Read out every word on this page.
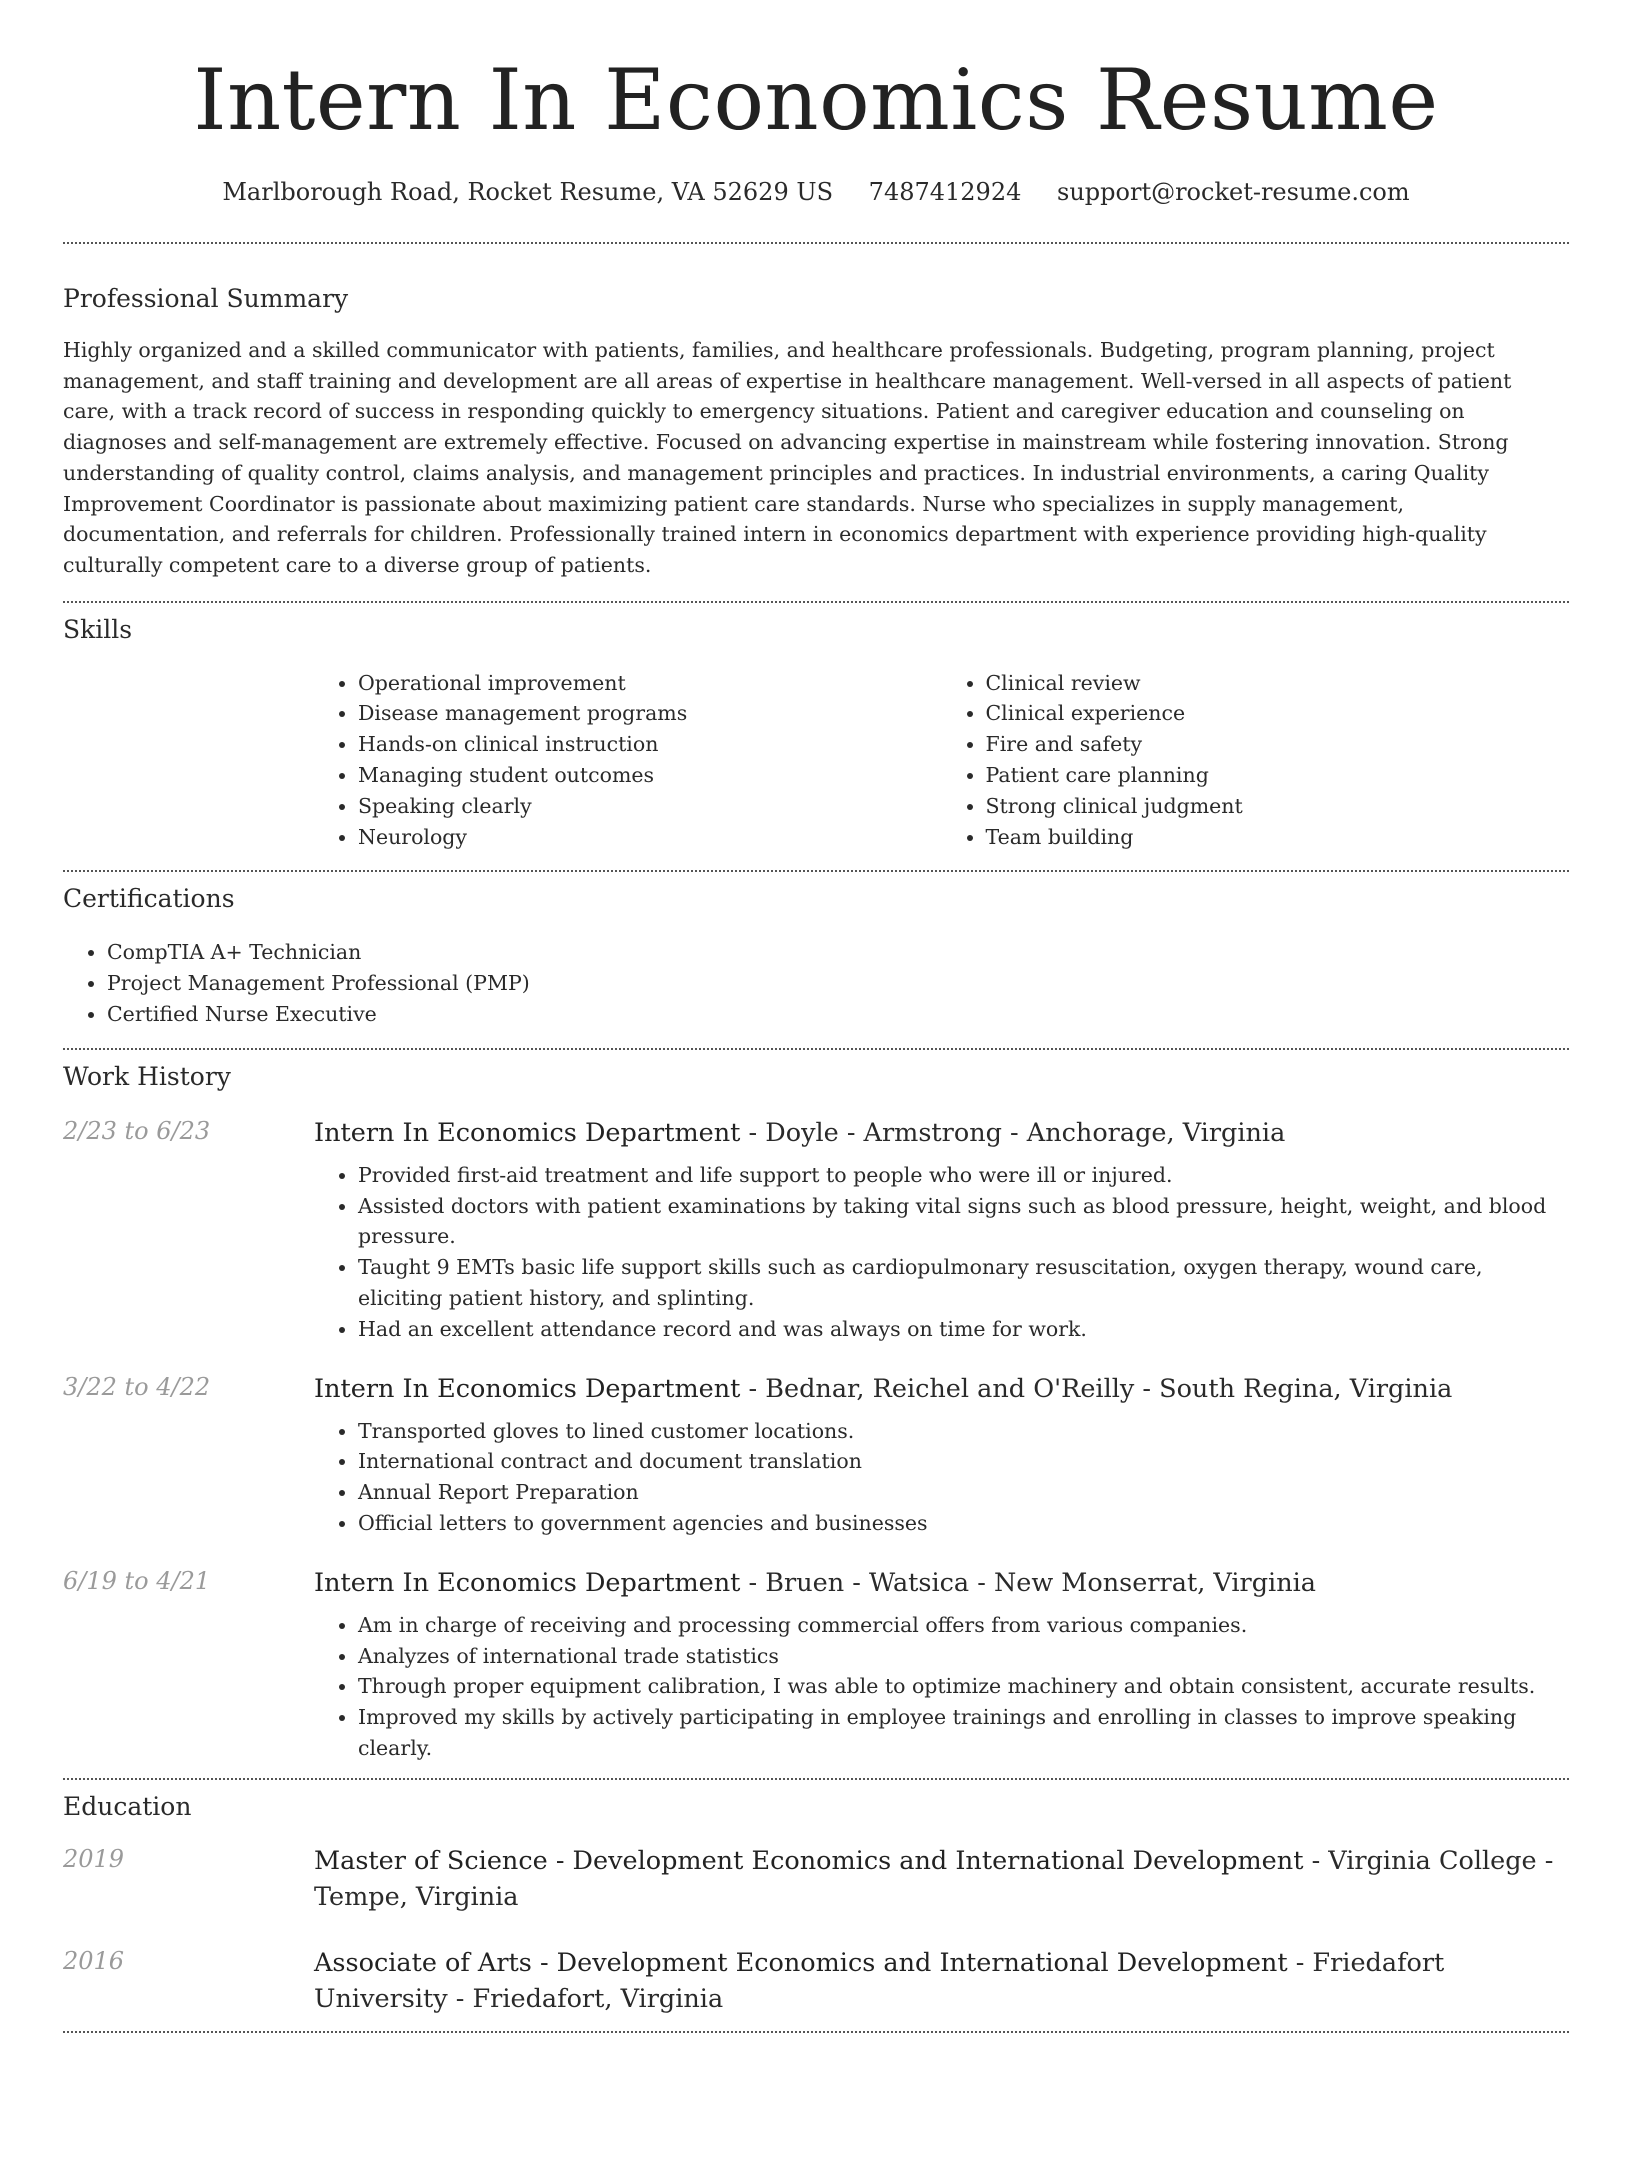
Intern In Economics Resume
Marlborough Road, Rocket Resume, VA 52629 US 7487412924 support@rocket-resume.com
Professional Summary

Highly organized and a skilled communicator with patients, families, and healthcare professionals. Budgeting, program planning, project management, and staff training and development are all areas of expertise in healthcare management. Well-versed in all aspects of patient care, with a track record of success in responding quickly to emergency situations. Patient and caregiver education and counseling on diagnoses and self-management are extremely effective. Focused on advancing expertise in mainstream while fostering innovation. Strong understanding of quality control, claims analysis, and management principles and practices. In industrial environments, a caring Quality Improvement Coordinator is passionate about maximizing patient care standards. Nurse who specializes in supply management, documentation, and referrals for children. Professionally trained intern in economics department with experience providing high-quality culturally competent care to a diverse group of patients.

Skills
• Operational improvement
• Disease management programs
• Hands-on clinical instruction
• Managing student outcomes
• Speaking clearly
• Neurology
• Clinical review
• Clinical experience
• Fire and safety
• Patient care planning
• Strong clinical judgment
• Team building
Certifications
• CompTIA A+ Technician
• Project Management Professional (PMP)
• Certified Nurse Executive
Work History
2/23 to 6/23	Intern In Economics Department - Doyle - Armstrong - Anchorage, Virginia
• Provided first-aid treatment and life support to people who were ill or injured.
• Assisted doctors with patient examinations by taking vital signs such as blood pressure, height, weight, and blood pressure.
• Taught 9 EMTs basic life support skills such as cardiopulmonary resuscitation, oxygen therapy, wound care, eliciting patient history, and splinting.
• Had an excellent attendance record and was always on time for work.
3/22 to 4/22	Intern In Economics Department - Bednar, Reichel and O'Reilly - South Regina, Virginia
• Transported gloves to lined customer locations.
• International contract and document translation
• Annual Report Preparation
• Official letters to government agencies and businesses
6/19 to 4/21	Intern In Economics Department - Bruen - Watsica - New Monserrat, Virginia
• Am in charge of receiving and processing commercial offers from various companies.
• Analyzes of international trade statistics
• Through proper equipment calibration, I was able to optimize machinery and obtain consistent, accurate results.
• Improved my skills by actively participating in employee trainings and enrolling in classes to improve speaking clearly.
Education
2019	Master of Science - Development Economics and International Development - Virginia College - Tempe, Virginia
2016	Associate of Arts - Development Economics and International Development - Friedafort University - Friedafort, Virginia
